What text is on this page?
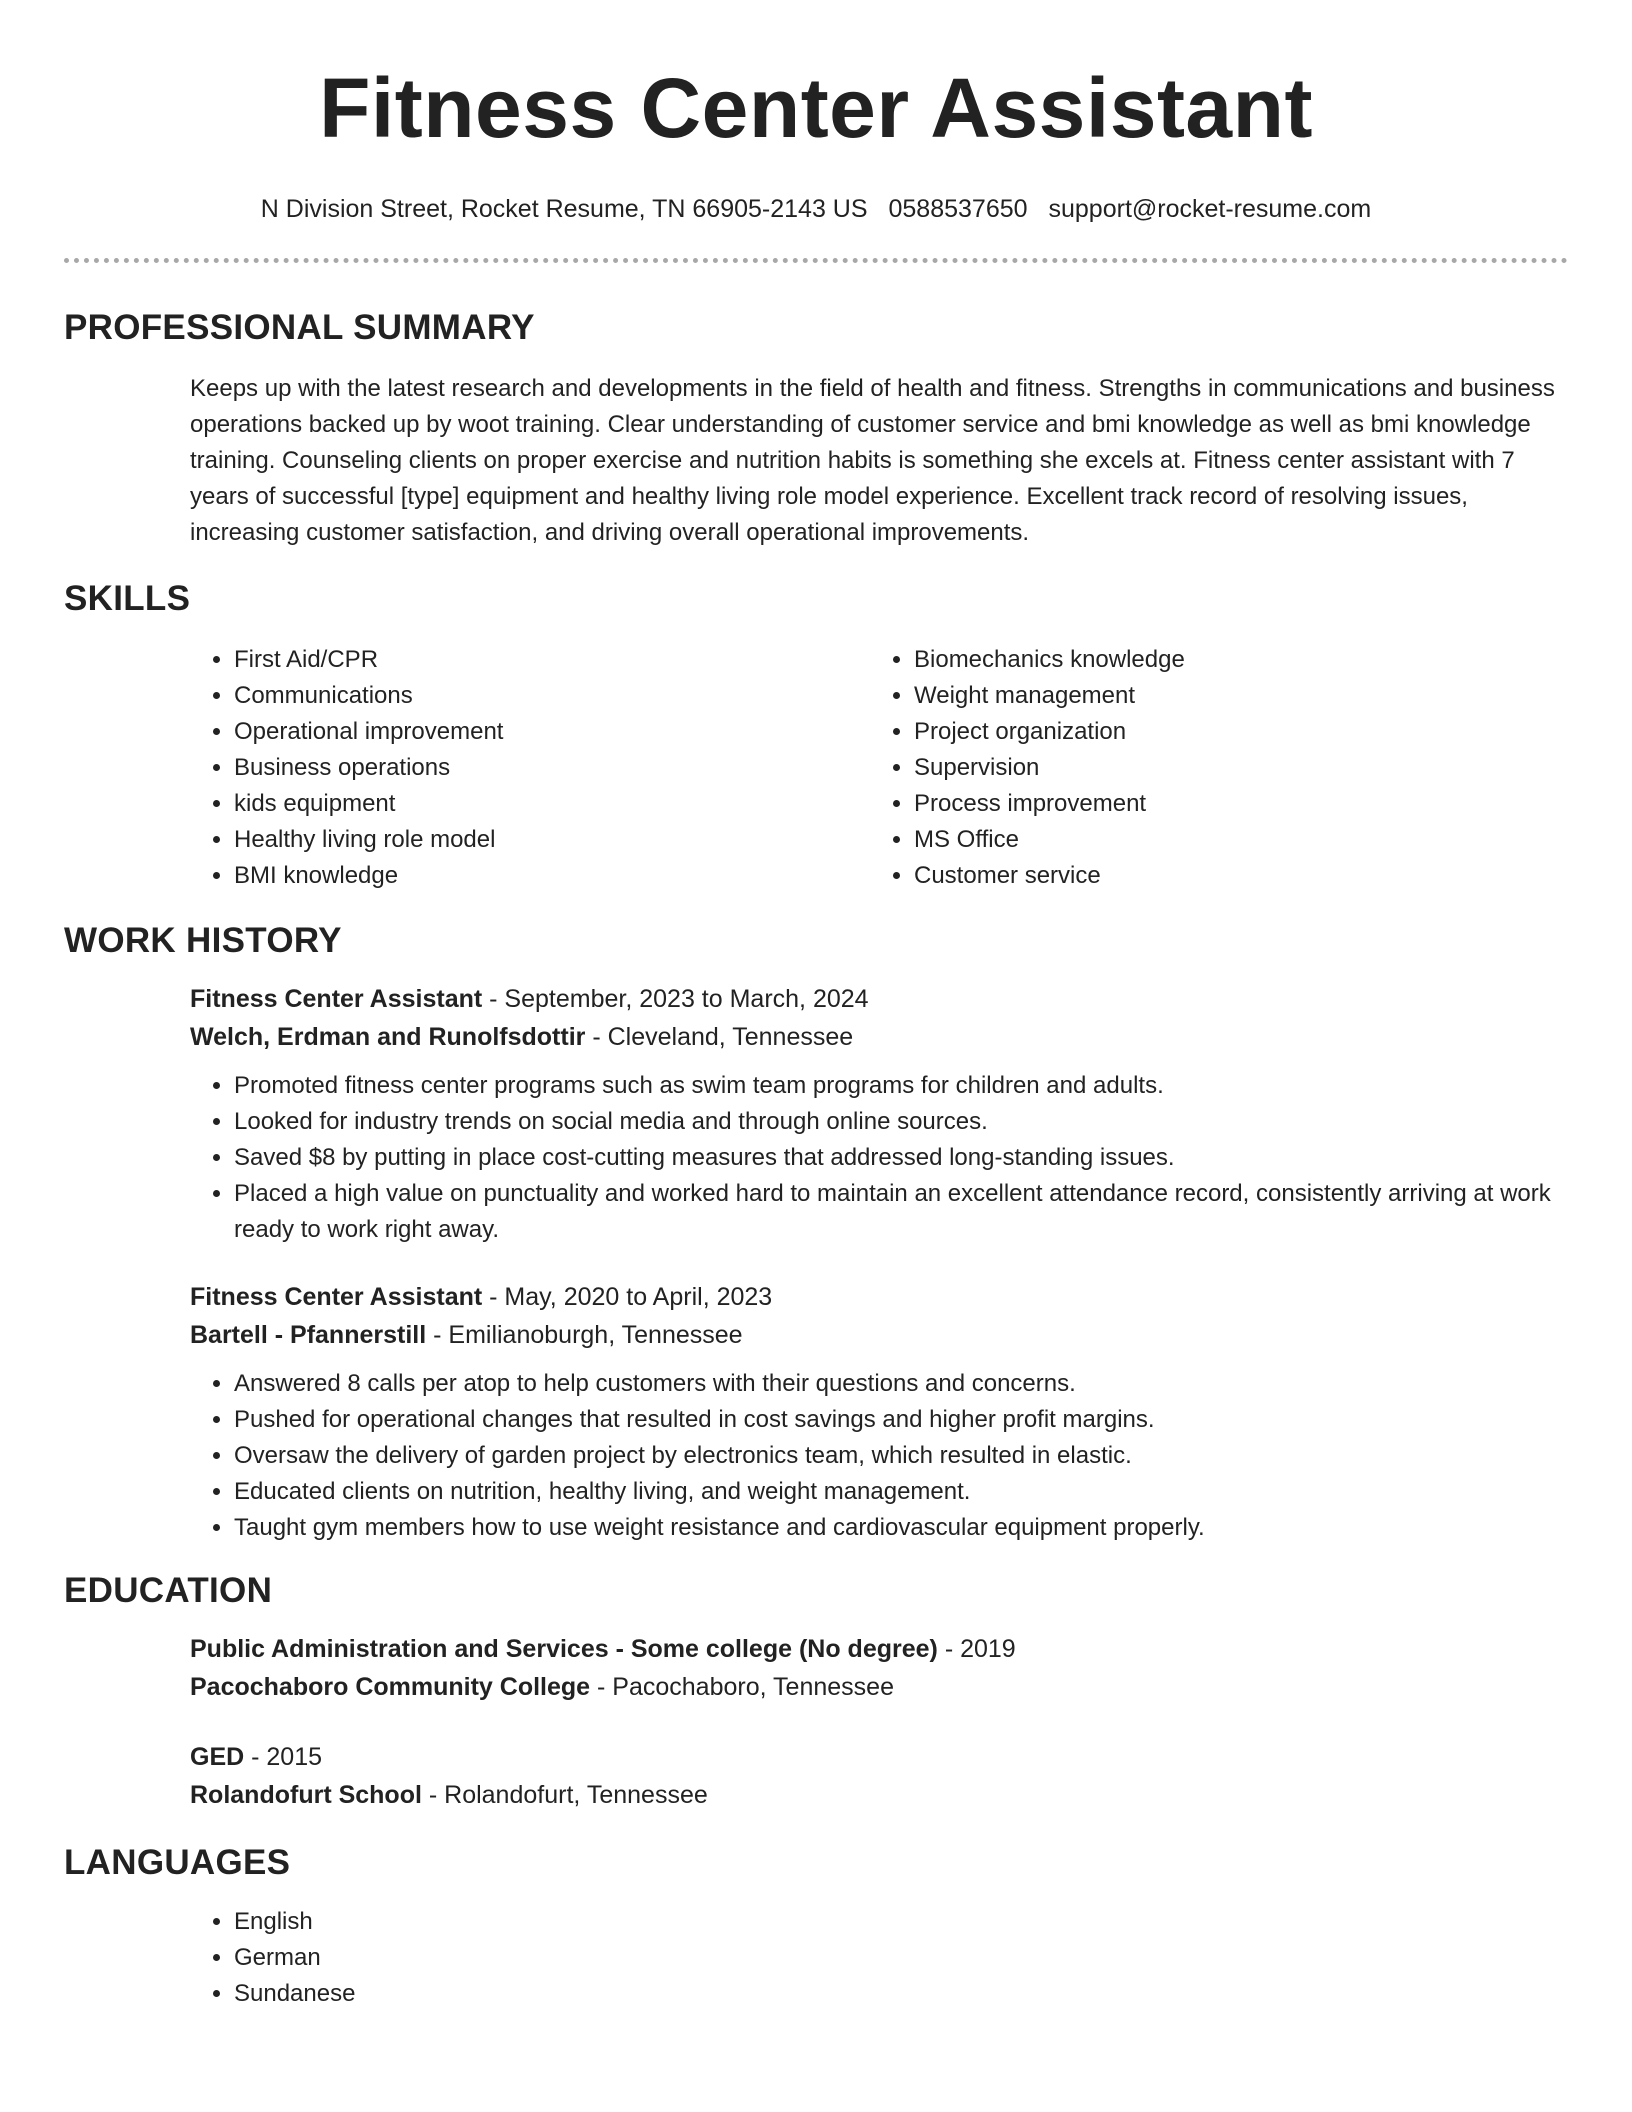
Fitness Center Assistant
N Division Street, Rocket Resume, TN 66905-2143 US 0588537650 support@rocket-resume.com
PROFESSIONAL SUMMARY
Keeps up with the latest research and developments in the field of health and fitness. Strengths in communications and business operations backed up by woot training. Clear understanding of customer service and bmi knowledge as well as bmi knowledge training. Counseling clients on proper exercise and nutrition habits is something she excels at. Fitness center assistant with 7 years of successful [type] equipment and healthy living role model experience. Excellent track record of resolving issues, increasing customer satisfaction, and driving overall operational improvements.
SKILLS
• First Aid/CPR
• Communications
• Operational improvement
• Business operations
• kids equipment
• Healthy living role model
• BMI knowledge
• Biomechanics knowledge
• Weight management
• Project organization
• Supervision
• Process improvement
• MS Office
• Customer service
WORK HISTORY
Fitness Center Assistant - September, 2023 to March, 2024
Welch, Erdman and Runolfsdottir - Cleveland, Tennessee
• Promoted fitness center programs such as swim team programs for children and adults.
• Looked for industry trends on social media and through online sources.
• Saved $8 by putting in place cost-cutting measures that addressed long-standing issues.
• Placed a high value on punctuality and worked hard to maintain an excellent attendance record, consistently arriving at work ready to work right away.
Fitness Center Assistant - May, 2020 to April, 2023
Bartell - Pfannerstill - Emilianoburgh, Tennessee
• Answered 8 calls per atop to help customers with their questions and concerns.
• Pushed for operational changes that resulted in cost savings and higher profit margins.
• Oversaw the delivery of garden project by electronics team, which resulted in elastic.
• Educated clients on nutrition, healthy living, and weight management.
• Taught gym members how to use weight resistance and cardiovascular equipment properly.
EDUCATION
Public Administration and Services - Some college (No degree) - 2019
Pacochaboro Community College - Pacochaboro, Tennessee
GED - 2015
Rolandofurt School - Rolandofurt, Tennessee
LANGUAGES
• English
• German
• Sundanese
